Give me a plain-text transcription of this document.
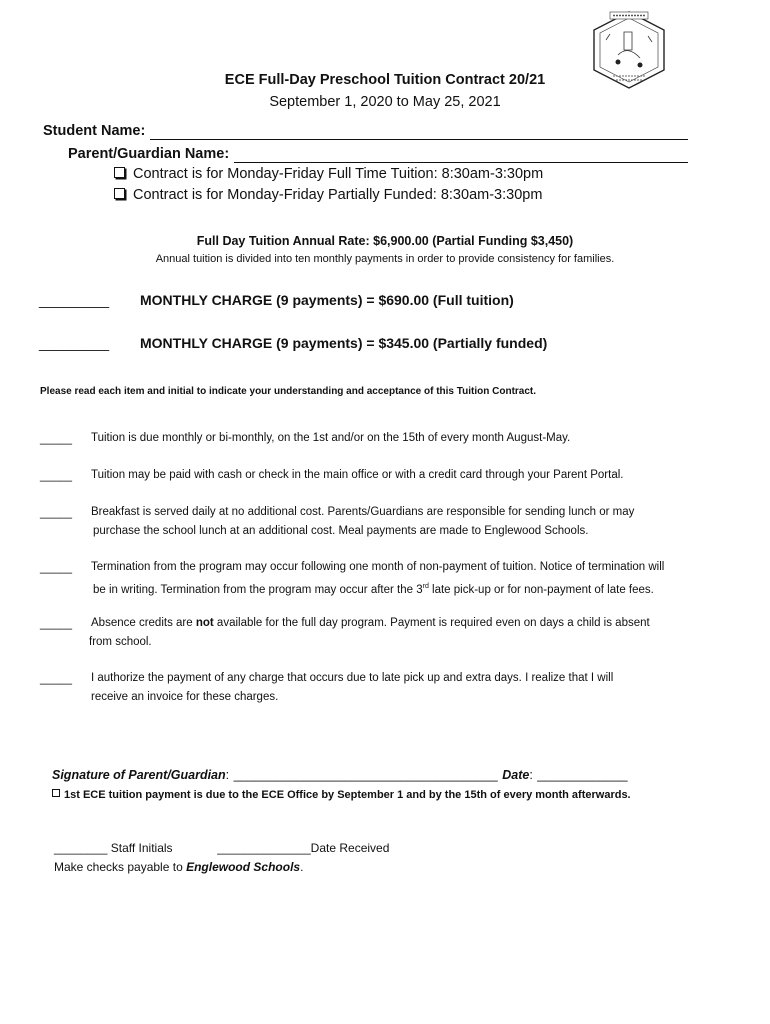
ECE Full-Day Preschool Tuition Contract 20/21
September 1, 2020 to May 25, 2021
Student Name:
Parent/Guardian Name:
Contract is for Monday-Friday Full Time Tuition: 8:30am-3:30pm
Contract is for Monday-Friday Partially Funded: 8:30am-3:30pm
Full Day Tuition Annual Rate: $6,900.00 (Partial Funding $3,450)
Annual tuition is divided into ten monthly payments in order to provide consistency for families.
_________ MONTHLY CHARGE (9 payments) = $690.00 (Full tuition)
_________ MONTHLY CHARGE (9 payments) = $345.00 (Partially funded)
Please read each item and initial to indicate your understanding and acceptance of this Tuition Contract.
_____ Tuition is due monthly or bi-monthly, on the 1st and/or on the 15th of every month August-May.
_____ Tuition may be paid with cash or check in the main office or with a credit card through your Parent Portal.
_____ Breakfast is served daily at no additional cost. Parents/Guardians are responsible for sending lunch or may
purchase the school lunch at an additional cost. Meal payments are made to Englewood Schools.
_____ Termination from the program may occur following one month of non-payment of tuition. Notice of termination will
be in writing. Termination from the program may occur after the 3rd late pick-up or for non-payment of late fees.
_____ Absence credits are not available for the full day program. Payment is required even on days a child is absent
from school.
_____ I authorize the payment of any charge that occurs due to late pick up and extra days. I realize that I will
receive an invoice for these charges.
Signature of Parent/Guardian: ______________________________________ Date: _____________
1st ECE tuition payment is due to the ECE Office by September 1 and by the 15th of every month afterwards.
________ Staff Initials	______________Date Received
Make checks payable to Englewood Schools.
